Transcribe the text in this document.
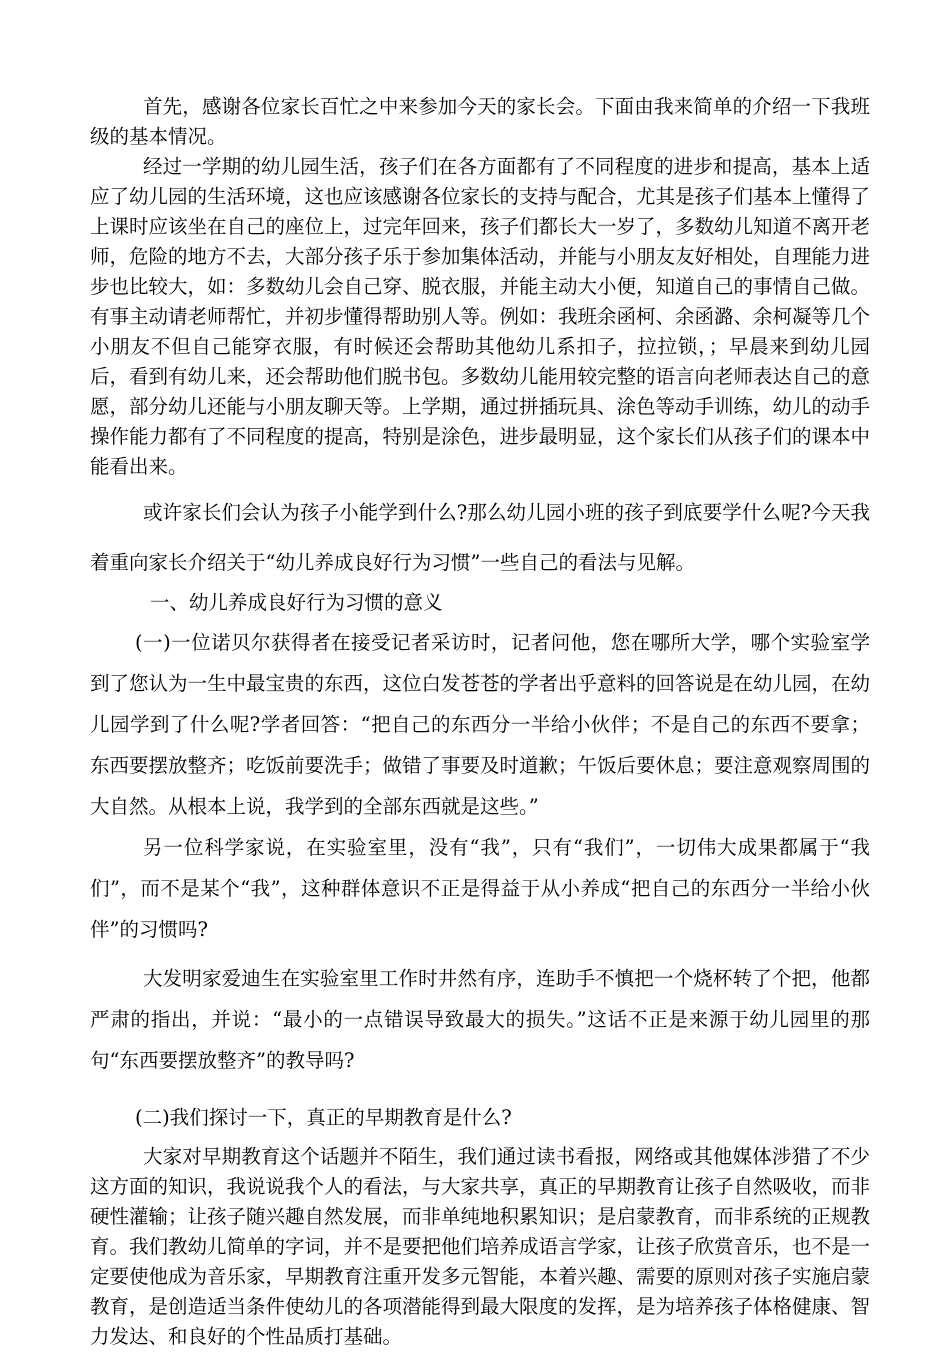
首先，感谢各位家长百忙之中来参加今天的家长会。下面由我来简单的介绍一下我班级的基本情况。

经过一学期的幼儿园生活，孩子们在各方面都有了不同程度的进步和提高，基本上适应了幼儿园的生活环境，这也应该感谢各位家长的支持与配合，尤其是孩子们基本上懂得了上课时应该坐在自己的座位上，过完年回来，孩子们都长大一岁了，多数幼儿知道不离开老师，危险的地方不去，大部分孩子乐于参加集体活动，并能与小朋友友好相处，自理能力进步也比较大，如：多数幼儿会自己穿、脱衣服，并能主动大小便，知道自己的事情自己做。有事主动请老师帮忙，并初步懂得帮助别人等。例如：我班余函柯、余函潞、余柯凝等几个小朋友不但自己能穿衣服，有时候还会帮助其他幼儿系扣子，拉拉锁，；早晨来到幼儿园后，看到有幼儿来，还会帮助他们脱书包。多数幼儿能用较完整的语言向老师表达自己的意愿，部分幼儿还能与小朋友聊天等。上学期，通过拼插玩具、涂色等动手训练，幼儿的动手操作能力都有了不同程度的提高，特别是涂色，进步最明显，这个家长们从孩子们的课本中能看出来。

或许家长们会认为孩子小能学到什么?那么幼儿园小班的孩子到底要学什么呢?今天我着重向家长介绍关于“幼儿养成良好行为习惯”一些自己的看法与见解。

一、幼儿养成良好行为习惯的意义

(一)一位诺贝尔获得者在接受记者采访时，记者问他，您在哪所大学，哪个实验室学到了您认为一生中最宝贵的东西，这位白发苍苍的学者出乎意料的回答说是在幼儿园，在幼儿园学到了什么呢?学者回答：“把自己的东西分一半给小伙伴；不是自己的东西不要拿；东西要摆放整齐；吃饭前要洗手；做错了事要及时道歉；午饭后要休息；要注意观察周围的大自然。从根本上说，我学到的全部东西就是这些。”

另一位科学家说，在实验室里，没有“我”，只有“我们”，一切伟大成果都属于“我们”，而不是某个“我”，这种群体意识不正是得益于从小养成“把自己的东西分一半给小伙伴”的习惯吗?

大发明家爱迪生在实验室里工作时井然有序，连助手不慎把一个烧杯转了个把，他都严肃的指出，并说：“最小的一点错误导致最大的损失。”这话不正是来源于幼儿园里的那句“东西要摆放整齐”的教导吗?

(二)我们探讨一下，真正的早期教育是什么?

大家对早期教育这个话题并不陌生，我们通过读书看报，网络或其他媒体涉猎了不少这方面的知识，我说说我个人的看法，与大家共享，真正的早期教育让孩子自然吸收，而非硬性灌输；让孩子随兴趣自然发展，而非单纯地积累知识；是启蒙教育，而非系统的正规教育。我们教幼儿简单的字词，并不是要把他们培养成语言学家，让孩子欣赏音乐，也不是一定要使他成为音乐家，早期教育注重开发多元智能，本着兴趣、需要的原则对孩子实施启蒙教育，是创造适当条件使幼儿的各项潜能得到最大限度的发挥，是为培养孩子体格健康、智力发达、和良好的个性品质打基础。
